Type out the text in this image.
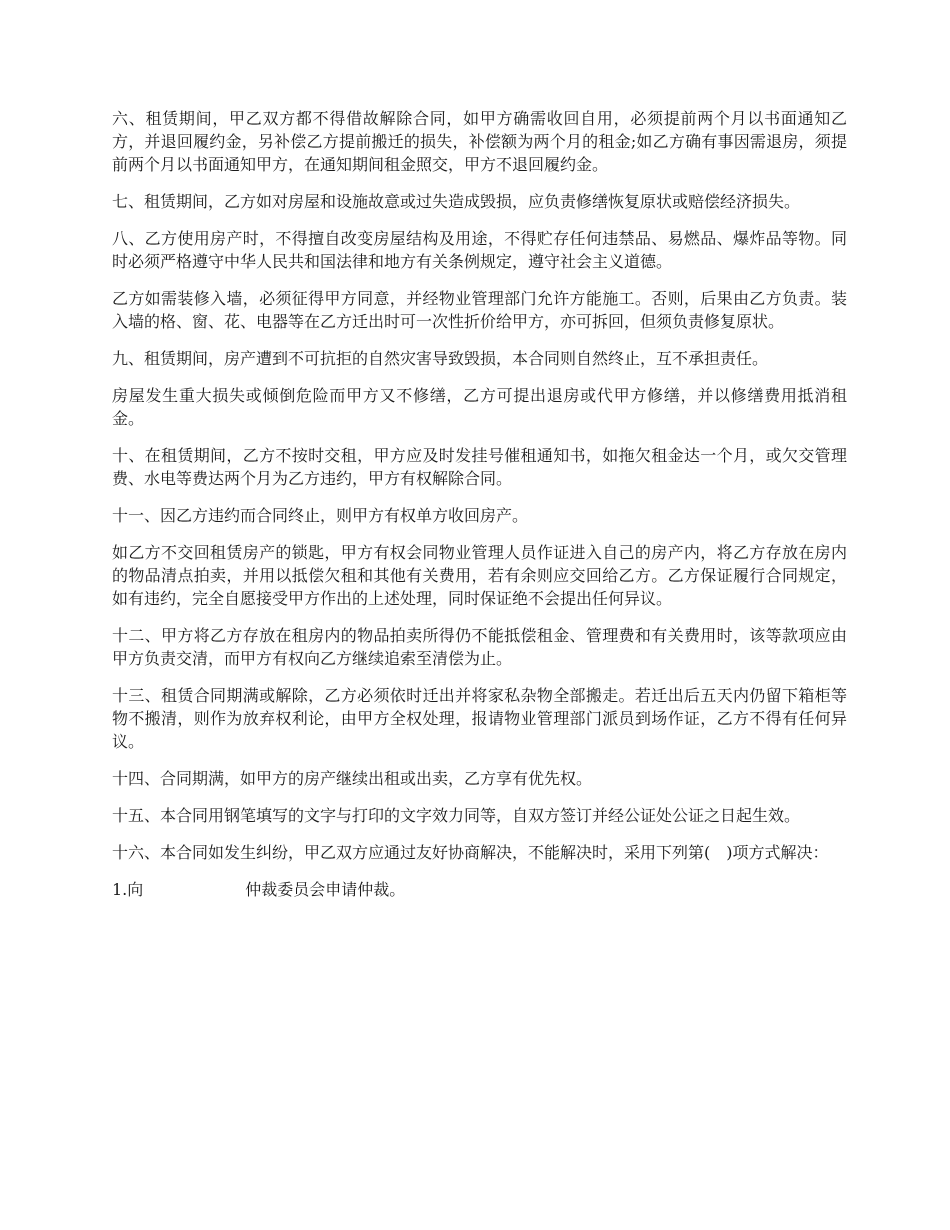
六、租赁期间，甲乙双方都不得借故解除合同，如甲方确需收回自用，必须提前两个月以书面通知乙方，并退回履约金，另补偿乙方提前搬迁的损失，补偿额为两个月的租金;如乙方确有事因需退房，须提前两个月以书面通知甲方，在通知期间租金照交，甲方不退回履约金。

七、租赁期间，乙方如对房屋和设施故意或过失造成毁损，应负责修缮恢复原状或赔偿经济损失。

八、乙方使用房产时，不得擅自改变房屋结构及用途，不得贮存任何违禁品、易燃品、爆炸品等物。同时必须严格遵守中华人民共和国法律和地方有关条例规定，遵守社会主义道德。

乙方如需装修入墙，必须征得甲方同意，并经物业管理部门允许方能施工。否则，后果由乙方负责。装入墙的格、窗、花、电器等在乙方迁出时可一次性折价给甲方，亦可拆回，但须负责修复原状。

九、租赁期间，房产遭到不可抗拒的自然灾害导致毁损，本合同则自然终止，互不承担责任。

房屋发生重大损失或倾倒危险而甲方又不修缮，乙方可提出退房或代甲方修缮，并以修缮费用抵消租金。

十、在租赁期间，乙方不按时交租，甲方应及时发挂号催租通知书，如拖欠租金达一个月，或欠交管理费、水电等费达两个月为乙方违约，甲方有权解除合同。

十一、因乙方违约而合同终止，则甲方有权单方收回房产。

如乙方不交回租赁房产的锁匙，甲方有权会同物业管理人员作证进入自己的房产内，将乙方存放在房内的物品清点拍卖，并用以抵偿欠租和其他有关费用，若有余则应交回给乙方。乙方保证履行合同规定，如有违约，完全自愿接受甲方作出的上述处理，同时保证绝不会提出任何异议。

十二、甲方将乙方存放在租房内的物品拍卖所得仍不能抵偿租金、管理费和有关费用时，该等款项应由甲方负责交清，而甲方有权向乙方继续追索至清偿为止。

十三、租赁合同期满或解除，乙方必须依时迁出并将家私杂物全部搬走。若迁出后五天内仍留下箱柜等物不搬清，则作为放弃权利论，由甲方全权处理，报请物业管理部门派员到场作证，乙方不得有任何异议。

十四、合同期满，如甲方的房产继续出租或出卖，乙方享有优先权。

十五、本合同用钢笔填写的文字与打印的文字效力同等，自双方签订并经公证处公证之日起生效。

十六、本合同如发生纠纷，甲乙双方应通过友好协商解决，不能解决时，采用下列第(　)项方式解决：

1.向	仲裁委员会申请仲裁。
